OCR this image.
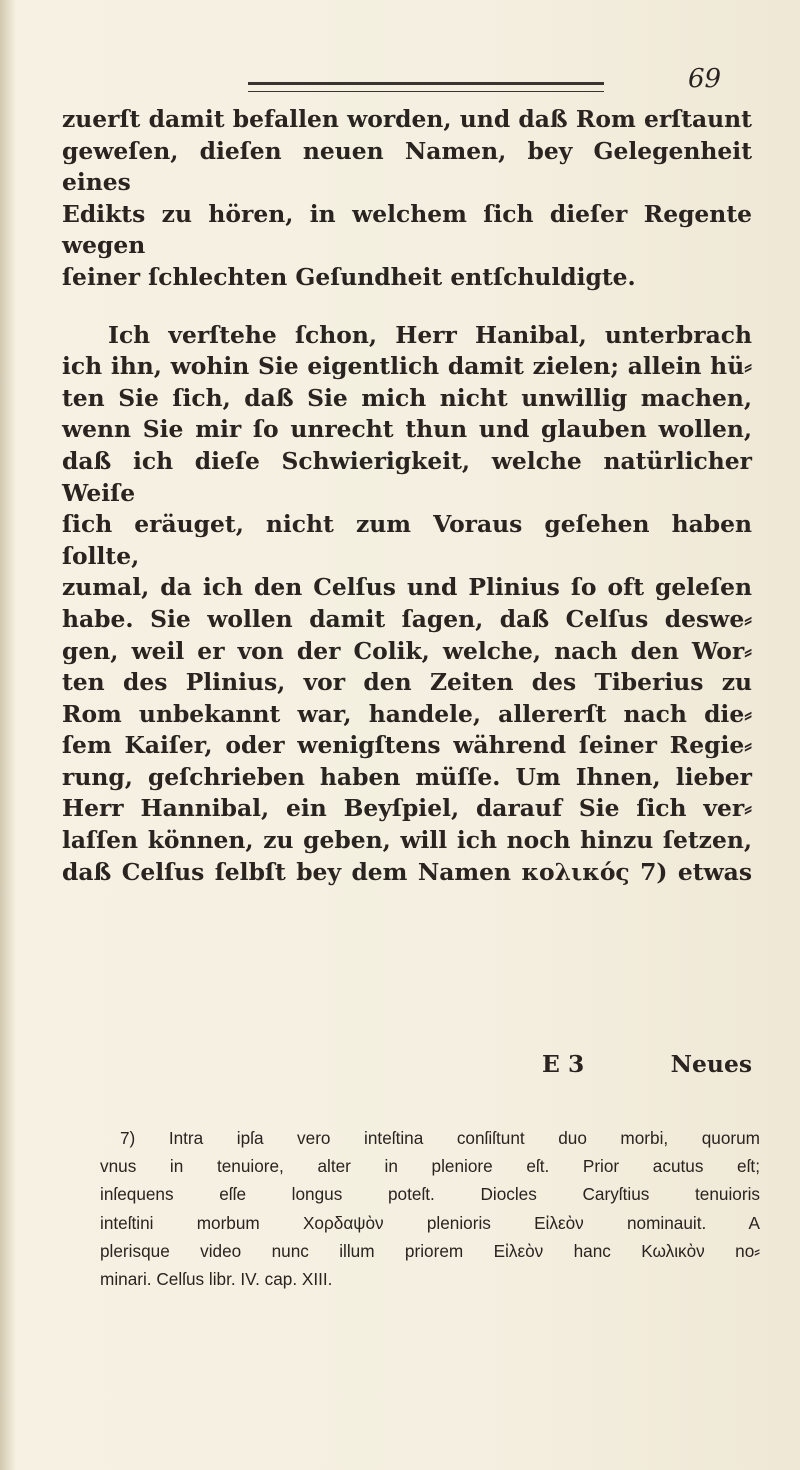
69

zuerſt damit befallen worden, und daß Rom erſtaunt

geweſen, dieſen neuen Namen, bey Gelegenheit eines

Edikts zu hören, in welchem ſich dieſer Regente wegen

ſeiner ſchlechten Geſundheit entſchuldigte.

Ich verſtehe ſchon, Herr Hanibal, unterbrach

ich ihn, wohin Sie eigentlich damit zielen; allein hü⸗

ten Sie ſich, daß Sie mich nicht unwillig machen,

wenn Sie mir ſo unrecht thun und glauben wollen,

daß ich dieſe Schwierigkeit, welche natürlicher Weiſe

ſich eräuget, nicht zum Voraus geſehen haben ſollte,

zumal, da ich den Celſus und Plinius ſo oft geleſen

habe. Sie wollen damit ſagen, daß Celſus deswe⸗

gen, weil er von der Colik, welche, nach den Wor⸗

ten des Plinius, vor den Zeiten des Tiberius zu

Rom unbekannt war, handele, allererſt nach die⸗

ſem Kaiſer, oder wenigſtens während ſeiner Regie⸗

rung, geſchrieben haben müſſe. Um Ihnen, lieber

Herr Hannibal, ein Beyſpiel, darauf Sie ſich ver⸗

laſſen können, zu geben, will ich noch hinzu ſetzen,

daß Celſus ſelbſt bey dem Namen κολικός 7) etwas

E 3	Neues

7) Intra ipſa vero inteſtina conſiſtunt duo morbi, quorum

vnus in tenuiore, alter in pleniore eſt. Prior acutus eſt;

inſequens eſſe longus poteſt. Diocles Caryſtius tenuioris

inteſtini morbum Χορδαψὸν plenioris Εἰλεὸν nominauit. A

plerisque video nunc illum priorem Εἰλεὸν hanc Κωλικὸν no⸗

minari. Celſus libr. IV. cap. XIII.
